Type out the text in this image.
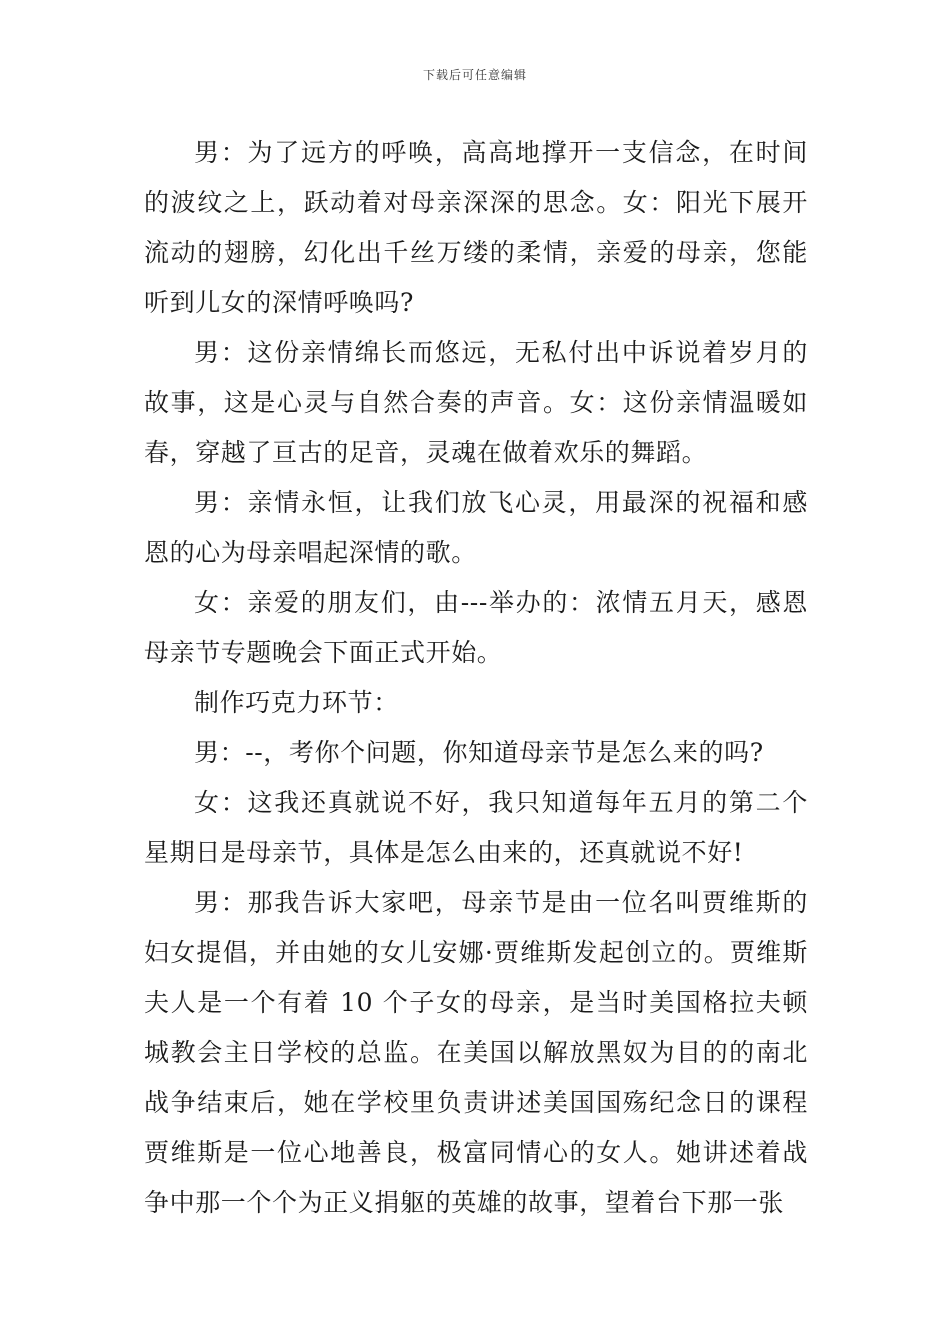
下载后可任意编辑

男：为了远方的呼唤，高高地撑开一支信念，在时间的波纹之上，跃动着对母亲深深的思念。女：阳光下展开流动的翅膀，幻化出千丝万缕的柔情，亲爱的母亲，您能听到儿女的深情呼唤吗?

男：这份亲情绵长而悠远，无私付出中诉说着岁月的故事，这是心灵与自然合奏的声音。女：这份亲情温暖如春，穿越了亘古的足音，灵魂在做着欢乐的舞蹈。

男：亲情永恒，让我们放飞心灵，用最深的祝福和感恩的心为母亲唱起深情的歌。

女：亲爱的朋友们，由---举办的：浓情五月天，感恩母亲节专题晚会下面正式开始。

制作巧克力环节：

男：--，考你个问题，你知道母亲节是怎么来的吗?

女：这我还真就说不好，我只知道每年五月的第二个星期日是母亲节，具体是怎么由来的，还真就说不好!

男：那我告诉大家吧，母亲节是由一位名叫贾维斯的妇女提倡，并由她的女儿安娜·贾维斯发起创立的。贾维斯夫人是一个有着 10 个子女的母亲，是当时美国格拉夫顿城教会主日学校的总监。在美国以解放黑奴为目的的南北战争结束后，她在学校里负责讲述美国国殇纪念日的课程贾维斯是一位心地善良，极富同情心的女人。她讲述着战争中那一个个为正义捐躯的英雄的故事，望着台下那一张
